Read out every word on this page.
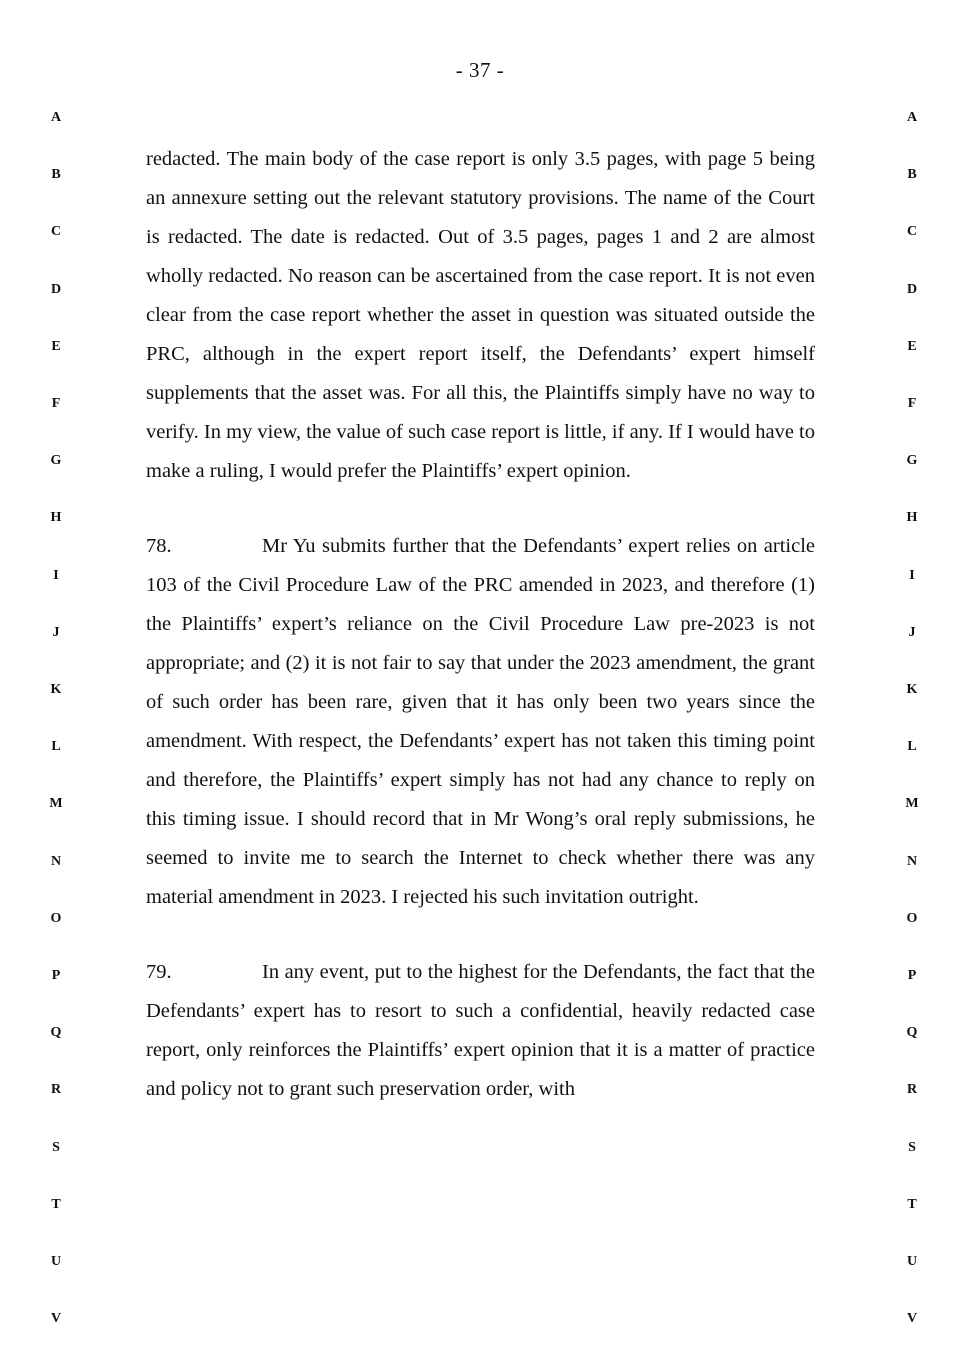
- 37 -
A
B
C
D
E
F
G
H
I
J
K
L
M
N
O
P
Q
R
S
T
U
V
A
B
C
D
E
F
G
H
I
J
K
L
M
N
O
P
Q
R
S
T
U
V

redacted. The main body of the case report is only 3.5 pages, with page 5 being an annexure setting out the relevant statutory provisions. The name of the Court is redacted. The date is redacted. Out of 3.5 pages, pages 1 and 2 are almost wholly redacted. No reason can be ascertained from the case report. It is not even clear from the case report whether the asset in question was situated outside the PRC, although in the expert report itself, the Defendants’ expert himself supplements that the asset was. For all this, the Plaintiffs simply have no way to verify. In my view, the value of such case report is little, if any. If I would have to make a ruling, I would prefer the Plaintiffs’ expert opinion.

78.	Mr Yu submits further that the Defendants’ expert relies on article 103 of the Civil Procedure Law of the PRC amended in 2023, and therefore (1) the Plaintiffs’ expert’s reliance on the Civil Procedure Law pre-2023 is not appropriate; and (2) it is not fair to say that under the 2023 amendment, the grant of such order has been rare, given that it has only been two years since the amendment. With respect, the Defendants’ expert has not taken this timing point and therefore, the Plaintiffs’ expert simply has not had any chance to reply on this timing issue. I should record that in Mr Wong’s oral reply submissions, he seemed to invite me to search the Internet to check whether there was any material amendment in 2023. I rejected his such invitation outright.

79.	In any event, put to the highest for the Defendants, the fact that the Defendants’ expert has to resort to such a confidential, heavily redacted case report, only reinforces the Plaintiffs’ expert opinion that it is a matter of practice and policy not to grant such preservation order, with
